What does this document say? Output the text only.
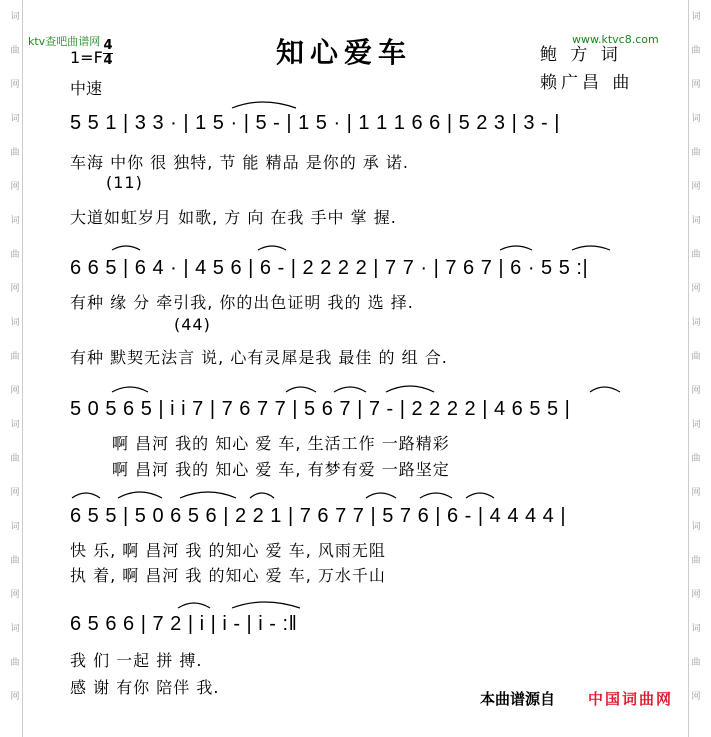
词
曲
网
词
曲
网
词
曲
网
词
曲
网
词
曲
网
词
曲
网
词
曲
网
词
曲
网
词
曲
网
词
曲
网
词
曲
网
词
曲
网
词
曲
网
词
曲
网
ktv查吧曲谱网	www.ktvc8.com
知心爱车	鲍 方 词
赖广昌 曲
1=F
4
4
中速
5 5 1 | 3 3 · | 1 5 · | 5 - | 1 5 · | 1 1 1 6 6 | 5 2 3 | 3 - |
车海 中你 很 独特, 节 能 精品 是你的 承 诺.
(11)
大道如虹岁月 如歌, 方 向 在我 手中 掌 握.
6 6 5 | 6 4 · | 4 5 6 | 6 - | 2 2 2 2 | 7 7 · | 7 6 7 | 6 · 5 5 :|
有种 缘 分 牵引我, 你的出色证明 我的 选 择.
(44)
有种 默契无法言 说, 心有灵犀是我 最佳 的 组 合.
5 0 5 6 5 | i i 7 | 7 6 7 7 | 5 6 7 | 7 - | 2 2 2 2 | 4 6 5 5 |
啊 昌河 我的 知心 爱 车, 生活工作 一路精彩
啊 昌河 我的 知心 爱 车, 有梦有爱 一路坚定
6 5 5 | 5 0 6 5 6 | 2 2 1 | 7 6 7 7 | 5 7 6 | 6 - | 4 4 4 4 |
快 乐, 啊 昌河 我 的知心 爱 车, 风雨无阻
执 着, 啊 昌河 我 的知心 爱 车, 万水千山
6 5 6 6 | 7 2 | i | i - | i - :‖
我 们 一起 拼 搏.
感 谢 有你 陪伴 我.
本曲谱源自 中国词曲网
